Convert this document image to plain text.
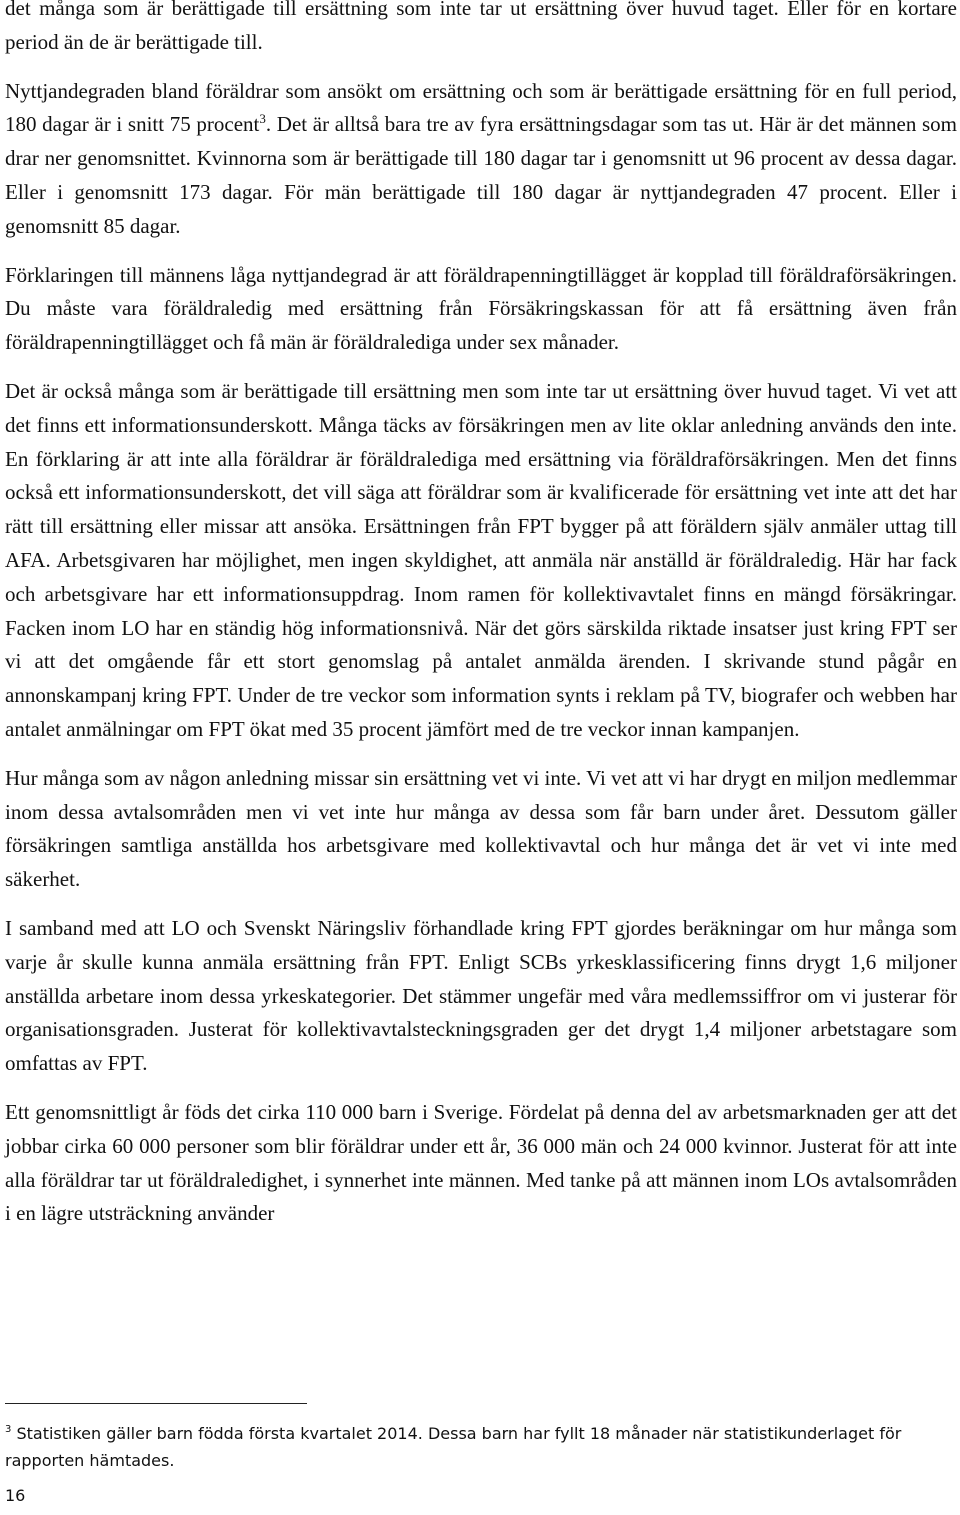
det många som är berättigade till ersättning som inte tar ut ersättning över huvud taget. Eller för en kortare period än de är berättigade till.

Nyttjandegraden bland föräldrar som ansökt om ersättning och som är berättigade ersättning för en full period, 180 dagar är i snitt 75 procent$^3$. Det är alltså bara tre av fyra ersättningsdagar som tas ut. Här är det männen som drar ner genomsnittet. Kvinnorna som är berättigade till 180 dagar tar i genomsnitt ut 96 procent av dessa dagar. Eller i genomsnitt 173 dagar. För män berättigade till 180 dagar är nyttjandegraden 47 procent. Eller i genomsnitt 85 dagar.

Förklaringen till männens låga nyttjandegrad är att föräldrapenningtillägget är kopplad till föräldraförsäkringen. Du måste vara föräldraledig med ersättning från Försäkringskassan för att få ersättning även från föräldrapenningtillägget och få män är föräldralediga under sex månader.

Det är också många som är berättigade till ersättning men som inte tar ut ersättning över huvud taget. Vi vet att det finns ett informationsunderskott. Många täcks av försäkringen men av lite oklar anledning används den inte. En förklaring är att inte alla föräldrar är föräldralediga med ersättning via föräldraförsäkringen. Men det finns också ett informationsunderskott, det vill säga att föräldrar som är kvalificerade för ersättning vet inte att det har rätt till ersättning eller missar att ansöka. Ersättningen från FPT bygger på att föräldern själv anmäler uttag till AFA. Arbetsgivaren har möjlighet, men ingen skyldighet, att anmäla när anställd är föräldraledig. Här har fack och arbetsgivare har ett informationsuppdrag. Inom ramen för kollektivavtalet finns en mängd försäkringar. Facken inom LO har en ständig hög informationsnivå. När det görs särskilda riktade insatser just kring FPT ser vi att det omgående får ett stort genomslag på antalet anmälda ärenden. I skrivande stund pågår en annonskampanj kring FPT. Under de tre veckor som information synts i reklam på TV, biografer och webben har antalet anmälningar om FPT ökat med 35 procent jämfört med de tre veckor innan kampanjen.

Hur många som av någon anledning missar sin ersättning vet vi inte. Vi vet att vi har drygt en miljon medlemmar inom dessa avtalsområden men vi vet inte hur många av dessa som får barn under året. Dessutom gäller försäkringen samtliga anställda hos arbetsgivare med kollektivavtal och hur många det är vet vi inte med säkerhet.

I samband med att LO och Svenskt Näringsliv förhandlade kring FPT gjordes beräkningar om hur många som varje år skulle kunna anmäla ersättning från FPT. Enligt SCBs yrkesklassificering finns drygt 1,6 miljoner anställda arbetare inom dessa yrkeskategorier. Det stämmer ungefär med våra medlemssiffror om vi justerar för organisationsgraden. Justerat för kollektivavtalsteckningsgraden ger det drygt 1,4 miljoner arbetstagare som omfattas av FPT.

Ett genomsnittligt år föds det cirka 110 000 barn i Sverige. Fördelat på denna del av arbetsmarknaden ger att det jobbar cirka 60 000 personer som blir föräldrar under ett år, 36 000 män och 24 000 kvinnor. Justerat för att inte alla föräldrar tar ut föräldraledighet, i synnerhet inte männen. Med tanke på att männen inom LOs avtalsområden i en lägre utsträckning använder

$^3$ Statistiken gäller barn födda första kvartalet 2014. Dessa barn har fyllt 18 månader när statistikunderlaget för rapporten hämtades.
16
